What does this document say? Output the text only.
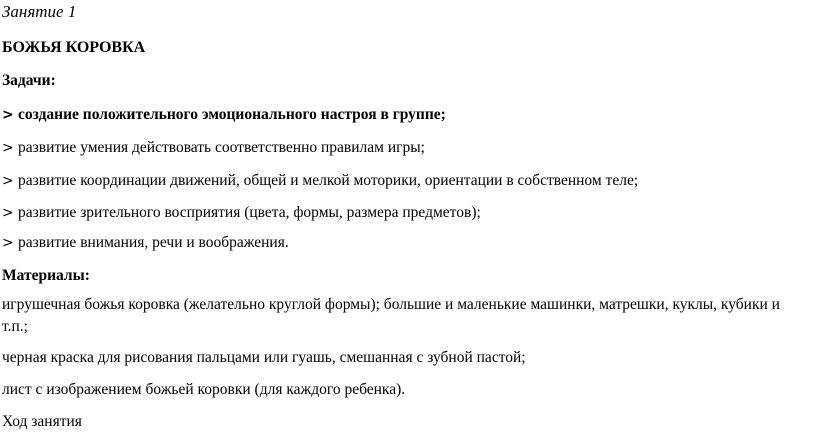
Занятие 1
БОЖЬЯ КОРОВКА
Задачи:
> создание положительного эмоционального настроя в группе;
> развитие умения действовать соответственно правилам игры;
> развитие координации движений, общей и мелкой моторики, ориентации в собственном теле;
> развитие зрительного восприятия (цвета, формы, размера предметов);
> развитие внимания, речи и воображения.
Материалы:
игрушечная божья коровка (желательно круглой формы); большие и маленькие машинки, матрешки, куклы, кубики и т.п.;
черная краска для рисования пальцами или гуашь, смешанная с зубной пастой;
лист с изображением божьей коровки (для каждого ребенка).
Ход занятия
